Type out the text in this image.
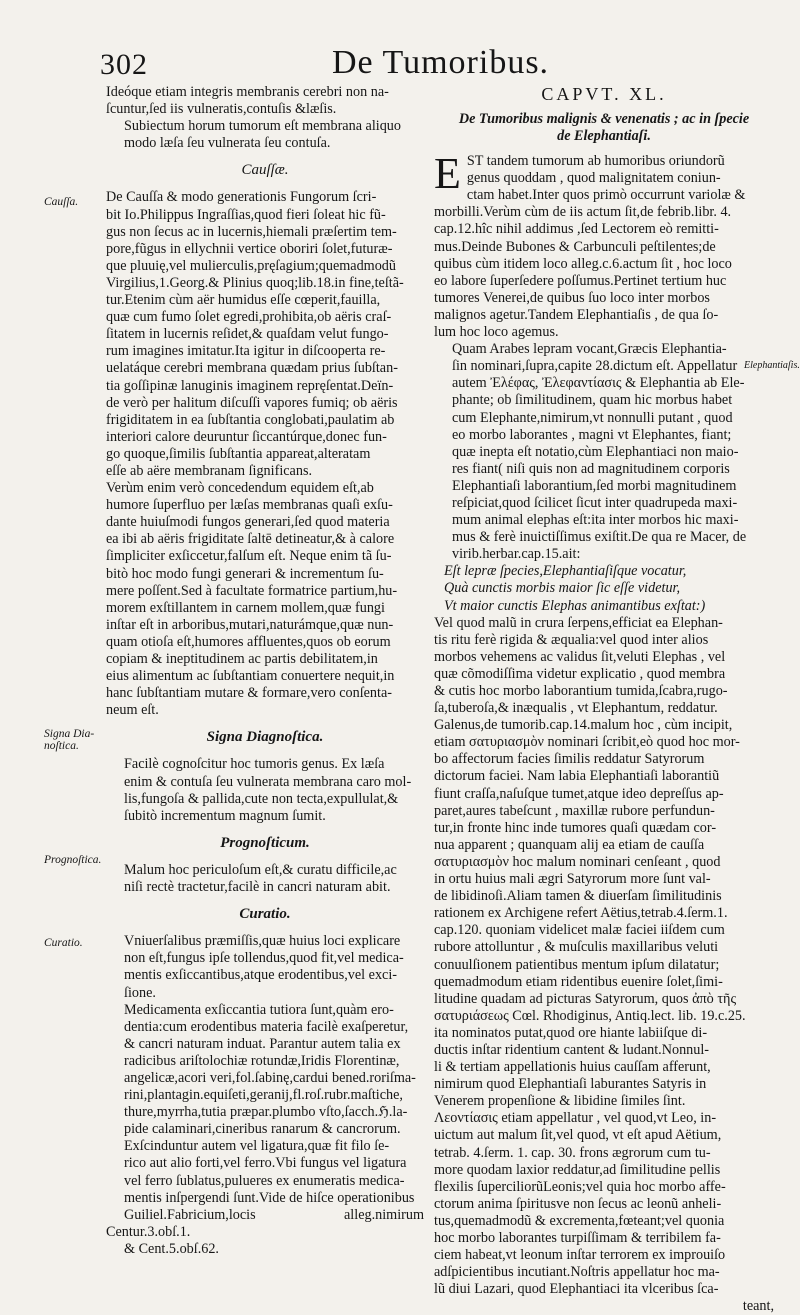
302	De Tumoribus.
Cauſſa.
Signa Dia-
noſtica.
Prognoſtica.
Curatio.
Elephantiaſis.
Ideóque etiam integris membranis cerebri non na-
ſcuntur,ſed iis vulneratis,contuſis &læſis.
Subiectum horum tumorum eſt membrana aliquo
modo læſa ſeu vulnerata ſeu contuſa.
Cauſſæ.
De Cauſſa & modo generationis Fungorum ſcri-
bit Io.Philippus Ingraſſias,quod fieri ſoleat hic fũ-
gus non ſecus ac in lucernis,hiemali præſertim tem-
pore,fũgus in ellychnii vertice oboriri ſolet,futuræ-
que pluuię,vel mulierculis,pręſagium;quemadmodũ
Virgilius,1.Georg.& Plinius quoq;lib.18.in fine,teſtã-
tur.Etenim cùm aër humidus eſſe cœperit,fauilla,
quæ cum fumo ſolet egredi,prohibita,ob aëris craſ-
ſitatem in lucernis reſidet,& quaſdam velut fungo-
rum imagines imitatur.Ita igitur in diſcooperta re-
uelatáque cerebri membrana quædam prius ſubſtan-
tia goſſipinæ lanuginis imaginem repręſentat.Deïn-
de verò per halitum diſcuſſi vapores fumiq; ob aëris
frigiditatem in ea ſubſtantia conglobati,paulatim ab
interiori calore deuruntur ſiccantúrque,donec fun-
go quoque,ſimilis ſubſtantia appareat,alteratam
eſſe ab aëre membranam ſignificans.
Verùm enim verò concedendum equidem eſt,ab
humore ſuperfluo per læſas membranas quaſi exſu-
dante huiuſmodi fungos generari,ſed quod materia
ea ibi ab aëris frigiditate ſaltē detineatur,& à calore
ſimpliciter exſiccetur,falſum eſt. Neque enim tã ſu-
bitò hoc modo fungi generari & incrementum ſu-
mere poſſent.Sed à facultate formatrice partium,hu-
morem exſtillantem in carnem mollem,quæ fungi
inſtar eſt in arboribus,mutari,naturámque,quæ nun-
quam otioſa eſt,humores affluentes,quos ob eorum
copiam & ineptitudinem ac partis debilitatem,in
eius alimentum ac ſubſtantiam conuertere nequit,in
hanc ſubſtantiam mutare & formare,vero conſenta-
neum eſt.
Signa Diagnoſtica.
Facilè cognoſcitur hoc tumoris genus. Ex læſa
enim & contuſa ſeu vulnerata membrana caro mol-
lis,fungoſa & pallida,cute non tecta,expullulat,&
ſubitò incrementum magnum ſumit.
Prognoſticum.
Malum hoc periculoſum eſt,& curatu difficile,ac
niſi rectè tractetur,facilè in cancri naturam abit.
Curatio.
Vniuerſalibus præmiſſis,quæ huius loci explicare
non eſt,fungus ipſe tollendus,quod fit,vel medica-
mentis exſiccantibus,atque erodentibus,vel exci-
ſione.
Medicamenta exſiccantia tutiora ſunt,quàm ero-
dentia:cum erodentibus materia facilè exaſperetur,
& cancri naturam induat. Parantur autem talia ex
radicibus ariſtolochiæ rotundæ,Iridis Florentinæ,
angelicæ,acori veri,fol.ſabinę,cardui bened.roriſma-
rini,plantagin.equiſeti,geranij,fl.roſ.rubr.maſtiche,
thure,myrrha,tutia præpar.plumbo vſto,ſacch.ℌ.la-
pide calaminari,cineribus ranarum & cancrorum.
Exſcinduntur autem vel ligatura,quæ fit filo ſe-
rico aut alio forti,vel ferro.Vbi fungus vel ligatura
vel ferro ſublatus,pulueres ex enumeratis medica-
mentis inſpergendi ſunt.Vide de hiſce operationibus
Guiliel.Fabricium,locis alleg.nimirum Centur.3.obſ.1.
& Cent.5.obſ.62.
CAPVT. XL.
De Tumoribus malignis & venenatis ; ac in ſpecie
de Elephantiaſi.
E ST tandem tumorum ab humoribus oriundorũ
genus quoddam , quod malignitatem coniun-
ctam habet.Inter quos primò occurrunt variolæ &
morbilli.Verùm cùm de iis actum ſit,de febrib.libr. 4.
cap.12.hîc nihil addimus ,ſed Lectorem eò remitti-
mus.Deinde Bubones & Carbunculi peſtilentes;de
quibus cùm itidem loco alleg.c.6.actum ſit , hoc loco
eo labore ſuperſedere poſſumus.Pertinet tertium huc
tumores Venerei,de quibus ſuo loco inter morbos
malignos agetur.Tandem Elephantiaſis , de qua ſo-
lum hoc loco agemus.
Quam Arabes lepram vocant,Græcis Elephantia-
ſin nominari,ſupra,capite 28.dictum eſt. Appellatur
autem Ἐλέφας, Ἐλεφαντίασις & Elephantia ab Ele-
phante; ob ſimilitudinem, quam hic morbus habet
cum Elephante,nimirum,vt nonnulli putant , quod
eo morbo laborantes , magni vt Elephantes, fiant;
quæ inepta eſt notatio,cùm Elephantiaci non maio-
res fiant( niſi quis non ad magnitudinem corporis
Elephantiaſi laborantium,ſed morbi magnitudinem
reſpiciat,quod ſcilicet ſicut inter quadrupeda maxi-
mum animal elephas eſt:ita inter morbos hic maxi-
mus & ferè inuictiſſimus exiſtit.De qua re Macer, de
virib.herbar.cap.15.ait:
Eſt lepræ ſpecies,Elephantiaſiſque vocatur,
Quà cunctis morbis maior ſic eſſe videtur,
Vt maior cunctis Elephas animantibus exſtat:)
Vel quod malũ in crura ſerpens,efficiat ea Elephan-
tis ritu ferè rigida & æqualia:vel quod inter alios
morbos vehemens ac validus ſit,veluti Elephas , vel
quæ cõmodiſſima videtur explicatio , quod membra
& cutis hoc morbo laborantium tumida,ſcabra,rugo-
ſa,tuberoſa,& inæqualis , vt Elephantum, reddatur.
Galenus,de tumorib.cap.14.malum hoc , cùm incipit,
etiam σατυριασμὸν nominari ſcribit,eò quod hoc mor-
bo affectorum facies ſimilis reddatur Satyrorum
dictorum faciei. Nam labia Elephantiaſi laborantiũ
fiunt craſſa,naſuſque tumet,atque ideo depreſſus ap-
paret,aures tabeſcunt , maxillæ rubore perfundun-
tur,in fronte hinc inde tumores quaſi quædam cor-
nua apparent ; quanquam alij ea etiam de cauſſa
σατυριασμὸν hoc malum nominari cenſeant , quod
in ortu huius mali ægri Satyrorum more ſunt val-
de libidinoſi.Aliam tamen & diuerſam ſimilitudinis
rationem ex Archigene refert Aëtius,tetrab.4.ſerm.1.
cap.120. quoniam videlicet malæ faciei iiſdem cum
rubore attolluntur , & muſculis maxillaribus veluti
conuulſionem patientibus mentum ipſum dilatatur;
quemadmodum etiam ridentibus euenire ſolet,ſimi-
litudine quadam ad picturas Satyrorum, quos ἀπὸ τῆς
σατυριάσεως Cœl. Rhodiginus, Antiq.lect. lib. 19.c.25.
ita nominatos putat,quod ore hiante labiiſque di-
ductis inſtar ridentium cantent & ludant.Nonnul-
li & tertiam appellationis huius cauſſam afferunt,
nimirum quod Elephantiaſi laburantes Satyris in
Venerem propenſione & libidine ſimiles ſint.
Λεοντίασις etiam appellatur , vel quod,vt Leo, in-
uictum aut malum ſit,vel quod, vt eſt apud Aëtium,
tetrab. 4.ſerm. 1. cap. 30. frons ægrorum cum tu-
more quodam laxior reddatur,ad ſimilitudine pellis
flexilis ſuperciliorũLeonis;vel quia hoc morbo affe-
ctorum anima ſpiritusve non ſecus ac leonũ anheli-
tus,quemadmodũ & excrementa,fœteant;vel quonia
hoc morbo laborantes turpiſſimam & terribilem fa-
ciem habeat,vt leonum inſtar terrorem ex improuiſo
adſpicientibus incutiant.Noſtris appellatur hoc ma-
lũ diui Lazari, quod Elephantiaci ita vlceribus ſca-
teant,
